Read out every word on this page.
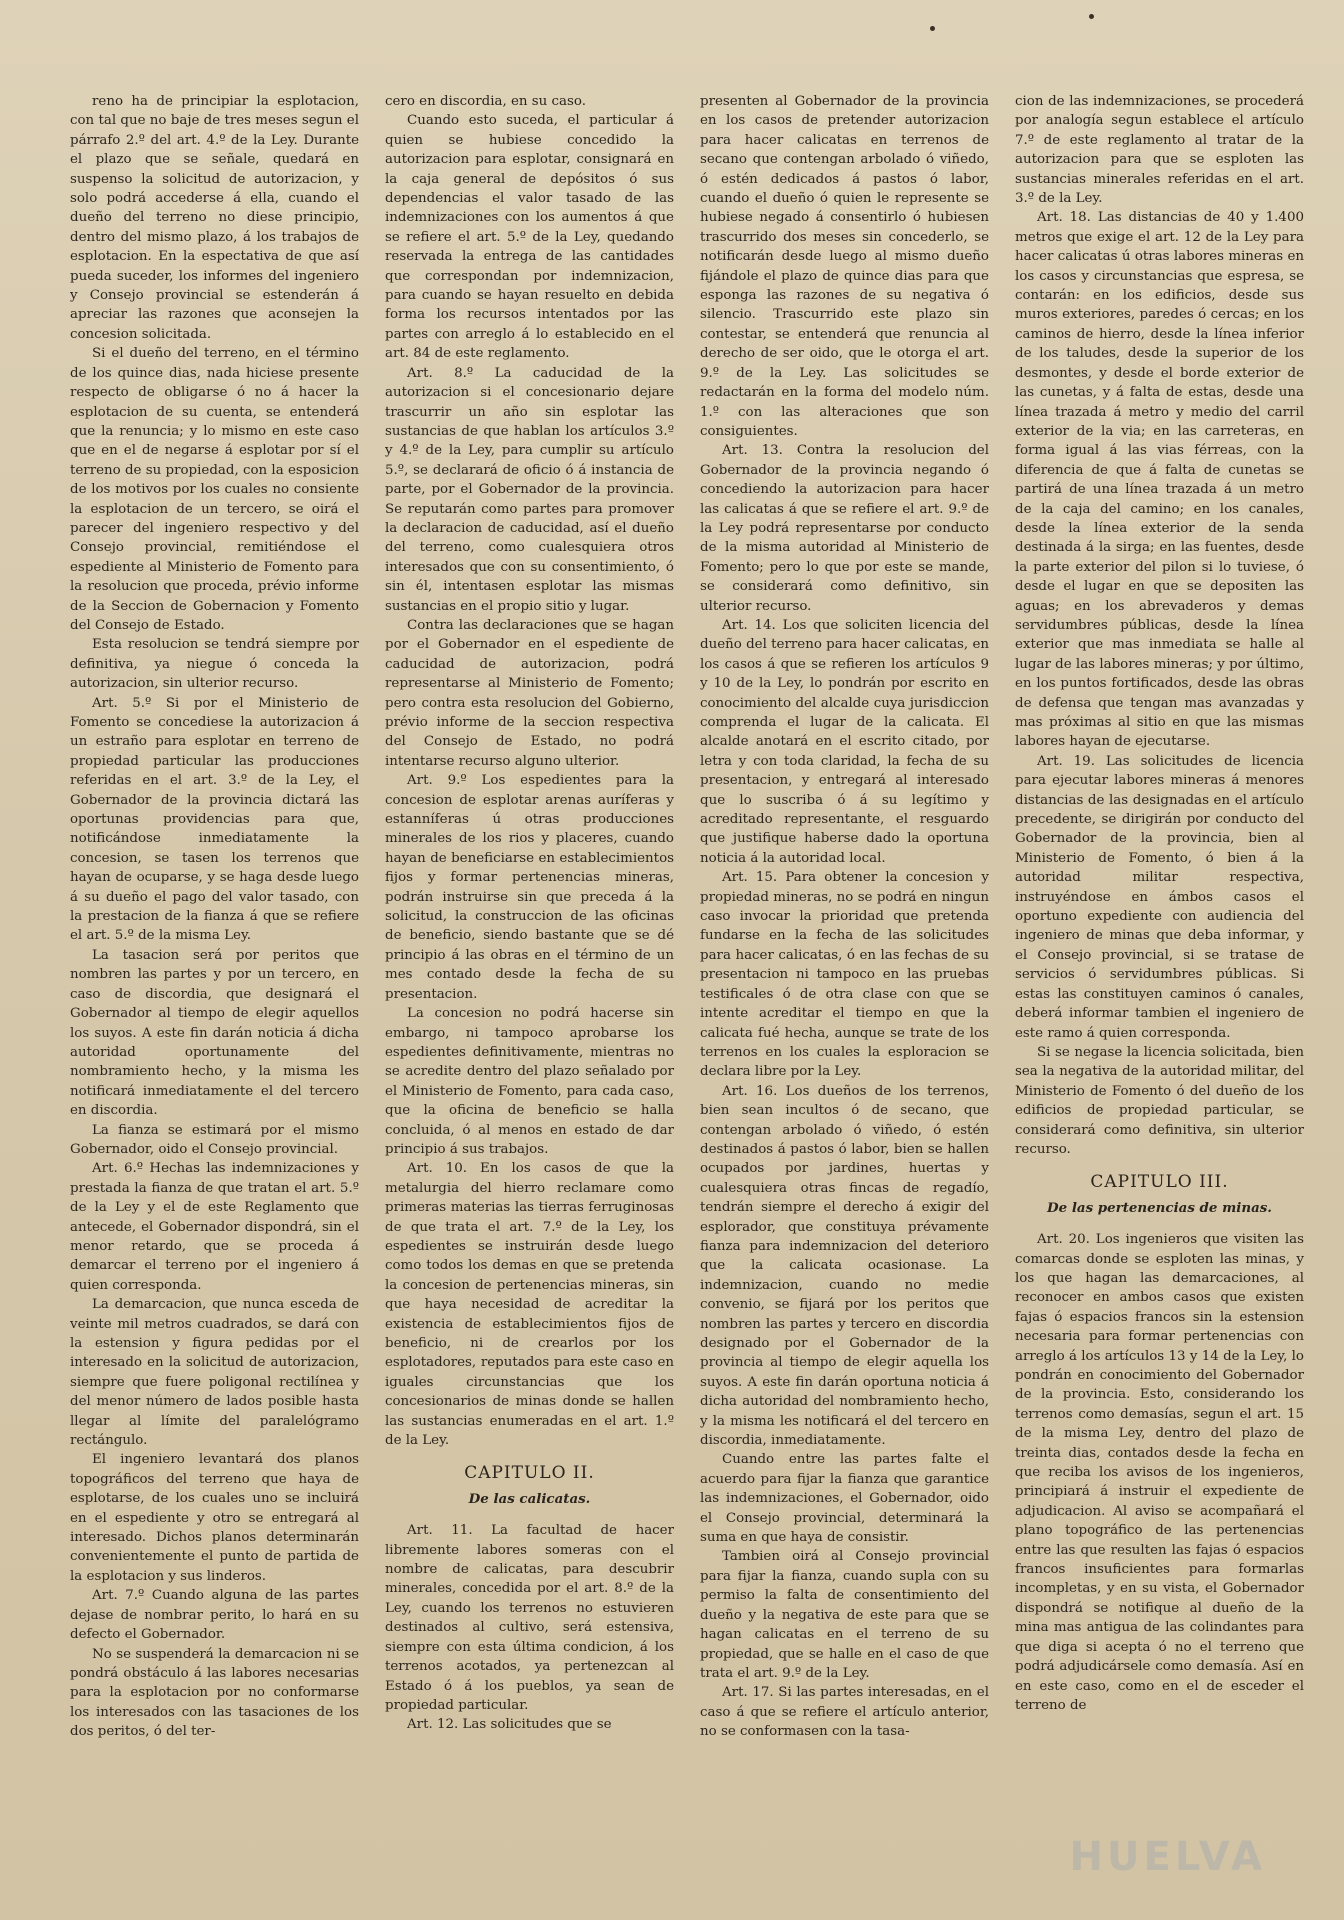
reno ha de principiar la esplotacion, con tal que no baje de tres meses segun el párrafo 2.º del art. 4.º de la Ley. Durante el plazo que se señale, quedará en suspenso la solicitud de autorizacion, y solo podrá accederse á ella, cuando el dueño del terreno no diese principio, dentro del mismo plazo, á los trabajos de esplotacion. En la espectativa de que así pueda suceder, los informes del ingeniero y Consejo provincial se estenderán á apreciar las razones que aconsejen la concesion solicitada.

Si el dueño del terreno, en el término de los quince dias, nada hiciese presente respecto de obligarse ó no á hacer la esplotacion de su cuenta, se entenderá que la renuncia; y lo mismo en este caso que en el de negarse á esplotar por sí el terreno de su propiedad, con la esposicion de los motivos por los cuales no consiente la esplotacion de un tercero, se oirá el parecer del ingeniero respectivo y del Consejo provincial, remitiéndose el espediente al Ministerio de Fomento para la resolucion que proceda, prévio informe de la Seccion de Gobernacion y Fomento del Consejo de Estado.

Esta resolucion se tendrá siempre por definitiva, ya niegue ó conceda la autorizacion, sin ulterior recurso.

Art. 5.º Si por el Ministerio de Fomento se concediese la autorizacion á un estraño para esplotar en terreno de propiedad particular las producciones referidas en el art. 3.º de la Ley, el Gobernador de la provincia dictará las oportunas providencias para que, notificándose inmediatamente la concesion, se tasen los terrenos que hayan de ocuparse, y se haga desde luego á su dueño el pago del valor tasado, con la prestacion de la fianza á que se refiere el art. 5.º de la misma Ley.

La tasacion será por peritos que nombren las partes y por un tercero, en caso de discordia, que designará el Gobernador al tiempo de elegir aquellos los suyos. A este fin darán noticia á dicha autoridad oportunamente del nombramiento hecho, y la misma les notificará inmediatamente el del tercero en discordia.

La fianza se estimará por el mismo Gobernador, oido el Consejo provincial.

Art. 6.º Hechas las indemnizaciones y prestada la fianza de que tratan el art. 5.º de la Ley y el de este Reglamento que antecede, el Gobernador dispondrá, sin el menor retardo, que se proceda á demarcar el terreno por el ingeniero á quien corresponda.

La demarcacion, que nunca esceda de veinte mil metros cuadrados, se dará con la estension y figura pedidas por el interesado en la solicitud de autorizacion, siempre que fuere poligonal rectilínea y del menor número de lados posible hasta llegar al límite del paralelógramo rectángulo.

El ingeniero levantará dos planos topográficos del terreno que haya de esplotarse, de los cuales uno se incluirá en el espediente y otro se entregará al interesado. Dichos planos determinarán convenientemente el punto de partida de la esplotacion y sus linderos.

Art. 7.º Cuando alguna de las partes dejase de nombrar perito, lo hará en su defecto el Gobernador.

No se suspenderá la demarcacion ni se pondrá obstáculo á las labores necesarias para la esplotacion por no conformarse los interesados con las tasaciones de los dos peritos, ó del ter-

cero en discordia, en su caso.

Cuando esto suceda, el particular á quien se hubiese concedido la autorizacion para esplotar, consignará en la caja general de depósitos ó sus dependencias el valor tasado de las indemnizaciones con los aumentos á que se refiere el art. 5.º de la Ley, quedando reservada la entrega de las cantidades que correspondan por indemnizacion, para cuando se hayan resuelto en debida forma los recursos intentados por las partes con arreglo á lo establecido en el art. 84 de este reglamento.

Art. 8.º La caducidad de la autorizacion si el concesionario dejare trascurrir un año sin esplotar las sustancias de que hablan los artículos 3.º y 4.º de la Ley, para cumplir su artículo 5.º, se declarará de oficio ó á instancia de parte, por el Gobernador de la provincia. Se reputarán como partes para promover la declaracion de caducidad, así el dueño del terreno, como cualesquiera otros interesados que con su consentimiento, ó sin él, intentasen esplotar las mismas sustancias en el propio sitio y lugar.

Contra las declaraciones que se hagan por el Gobernador en el espediente de caducidad de autorizacion, podrá representarse al Ministerio de Fomento; pero contra esta resolucion del Gobierno, prévio informe de la seccion respectiva del Consejo de Estado, no podrá intentarse recurso alguno ulterior.

Art. 9.º Los espedientes para la concesion de esplotar arenas auríferas y estanníferas ú otras producciones minerales de los rios y placeres, cuando hayan de beneficiarse en establecimientos fijos y formar pertenencias mineras, podrán instruirse sin que preceda á la solicitud, la construccion de las oficinas de beneficio, siendo bastante que se dé principio á las obras en el término de un mes contado desde la fecha de su presentacion.

La concesion no podrá hacerse sin embargo, ni tampoco aprobarse los espedientes definitivamente, mientras no se acredite dentro del plazo señalado por el Ministerio de Fomento, para cada caso, que la oficina de beneficio se halla concluida, ó al menos en estado de dar principio á sus trabajos.

Art. 10. En los casos de que la metalurgia del hierro reclamare como primeras materias las tierras ferruginosas de que trata el art. 7.º de la Ley, los espedientes se instruirán desde luego como todos los demas en que se pretenda la concesion de pertenencias mineras, sin que haya necesidad de acreditar la existencia de establecimientos fijos de beneficio, ni de crearlos por los esplotadores, reputados para este caso en iguales circunstancias que los concesionarios de minas donde se hallen las sustancias enumeradas en el art. 1.º de la Ley.

CAPITULO II.
De las calicatas.

Art. 11. La facultad de hacer libremente labores someras con el nombre de calicatas, para descubrir minerales, concedida por el art. 8.º de la Ley, cuando los terrenos no estuvieren destinados al cultivo, será estensiva, siempre con esta última condicion, á los terrenos acotados, ya pertenezcan al Estado ó á los pueblos, ya sean de propiedad particular.

Art. 12. Las solicitudes que se

presenten al Gobernador de la provincia en los casos de pretender autorizacion para hacer calicatas en terrenos de secano que contengan arbolado ó viñedo, ó estén dedicados á pastos ó labor, cuando el dueño ó quien le represente se hubiese negado á consentirlo ó hubiesen trascurrido dos meses sin concederlo, se notificarán desde luego al mismo dueño fijándole el plazo de quince dias para que esponga las razones de su negativa ó silencio. Trascurrido este plazo sin contestar, se entenderá que renuncia al derecho de ser oido, que le otorga el art. 9.º de la Ley. Las solicitudes se redactarán en la forma del modelo núm. 1.º con las alteraciones que son consiguientes.

Art. 13. Contra la resolucion del Gobernador de la provincia negando ó concediendo la autorizacion para hacer las calicatas á que se refiere el art. 9.º de la Ley podrá representarse por conducto de la misma autoridad al Ministerio de Fomento; pero lo que por este se mande, se considerará como definitivo, sin ulterior recurso.

Art. 14. Los que soliciten licencia del dueño del terreno para hacer calicatas, en los casos á que se refieren los artículos 9 y 10 de la Ley, lo pondrán por escrito en conocimiento del alcalde cuya jurisdiccion comprenda el lugar de la calicata. El alcalde anotará en el escrito citado, por letra y con toda claridad, la fecha de su presentacion, y entregará al interesado que lo suscriba ó á su legítimo y acreditado representante, el resguardo que justifique haberse dado la oportuna noticia á la autoridad local.

Art. 15. Para obtener la concesion y propiedad mineras, no se podrá en ningun caso invocar la prioridad que pretenda fundarse en la fecha de las solicitudes para hacer calicatas, ó en las fechas de su presentacion ni tampoco en las pruebas testificales ó de otra clase con que se intente acreditar el tiempo en que la calicata fué hecha, aunque se trate de los terrenos en los cuales la esploracion se declara libre por la Ley.

Art. 16. Los dueños de los terrenos, bien sean incultos ó de secano, que contengan arbolado ó viñedo, ó estén destinados á pastos ó labor, bien se hallen ocupados por jardines, huertas y cualesquiera otras fincas de regadío, tendrán siempre el derecho á exigir del esplorador, que constituya prévamente fianza para indemnizacion del deterioro que la calicata ocasionase. La indemnizacion, cuando no medie convenio, se fijará por los peritos que nombren las partes y tercero en discordia designado por el Gobernador de la provincia al tiempo de elegir aquella los suyos. A este fin darán oportuna noticia á dicha autoridad del nombramiento hecho, y la misma les notificará el del tercero en discordia, inmediatamente.

Cuando entre las partes falte el acuerdo para fijar la fianza que garantice las indemnizaciones, el Gobernador, oido el Consejo provincial, determinará la suma en que haya de consistir.

Tambien oirá al Consejo provincial para fijar la fianza, cuando supla con su permiso la falta de consentimiento del dueño y la negativa de este para que se hagan calicatas en el terreno de su propiedad, que se halle en el caso de que trata el art. 9.º de la Ley.

Art. 17. Si las partes interesadas, en el caso á que se refiere el artículo anterior, no se conformasen con la tasa-

cion de las indemnizaciones, se procederá por analogía segun establece el artículo 7.º de este reglamento al tratar de la autorizacion para que se esploten las sustancias minerales referidas en el art. 3.º de la Ley.

Art. 18. Las distancias de 40 y 1.400 metros que exige el art. 12 de la Ley para hacer calicatas ú otras labores mineras en los casos y circunstancias que espresa, se contarán: en los edificios, desde sus muros exteriores, paredes ó cercas; en los caminos de hierro, desde la línea inferior de los taludes, desde la superior de los desmontes, y desde el borde exterior de las cunetas, y á falta de estas, desde una línea trazada á metro y medio del carril exterior de la via; en las carreteras, en forma igual á las vias férreas, con la diferencia de que á falta de cunetas se partirá de una línea trazada á un metro de la caja del camino; en los canales, desde la línea exterior de la senda destinada á la sirga; en las fuentes, desde la parte exterior del pilon si lo tuviese, ó desde el lugar en que se depositen las aguas; en los abrevaderos y demas servidumbres públicas, desde la línea exterior que mas inmediata se halle al lugar de las labores mineras; y por último, en los puntos fortificados, desde las obras de defensa que tengan mas avanzadas y mas próximas al sitio en que las mismas labores hayan de ejecutarse.

Art. 19. Las solicitudes de licencia para ejecutar labores mineras á menores distancias de las designadas en el artículo precedente, se dirigirán por conducto del Gobernador de la provincia, bien al Ministerio de Fomento, ó bien á la autoridad militar respectiva, instruyéndose en ámbos casos el oportuno expediente con audiencia del ingeniero de minas que deba informar, y el Consejo provincial, si se tratase de servicios ó servidumbres públicas. Si estas las constituyen caminos ó canales, deberá informar tambien el ingeniero de este ramo á quien corresponda.

Si se negase la licencia solicitada, bien sea la negativa de la autoridad militar, del Ministerio de Fomento ó del dueño de los edificios de propiedad particular, se considerará como definitiva, sin ulterior recurso.

CAPITULO III.
De las pertenencias de minas.

Art. 20. Los ingenieros que visiten las comarcas donde se esploten las minas, y los que hagan las demarcaciones, al reconocer en ambos casos que existen fajas ó espacios francos sin la estension necesaria para formar pertenencias con arreglo á los artículos 13 y 14 de la Ley, lo pondrán en conocimiento del Gobernador de la provincia. Esto, considerando los terrenos como demasías, segun el art. 15 de la misma Ley, dentro del plazo de treinta dias, contados desde la fecha en que reciba los avisos de los ingenieros, principiará á instruir el expediente de adjudicacion. Al aviso se acompañará el plano topográfico de las pertenencias entre las que resulten las fajas ó espacios francos insuficientes para formarlas incompletas, y en su vista, el Gobernador dispondrá se notifique al dueño de la mina mas antigua de las colindantes para que diga si acepta ó no el terreno que podrá adjudicársele como demasía. Así en en este caso, como en el de esceder el terreno de

HUELVA
